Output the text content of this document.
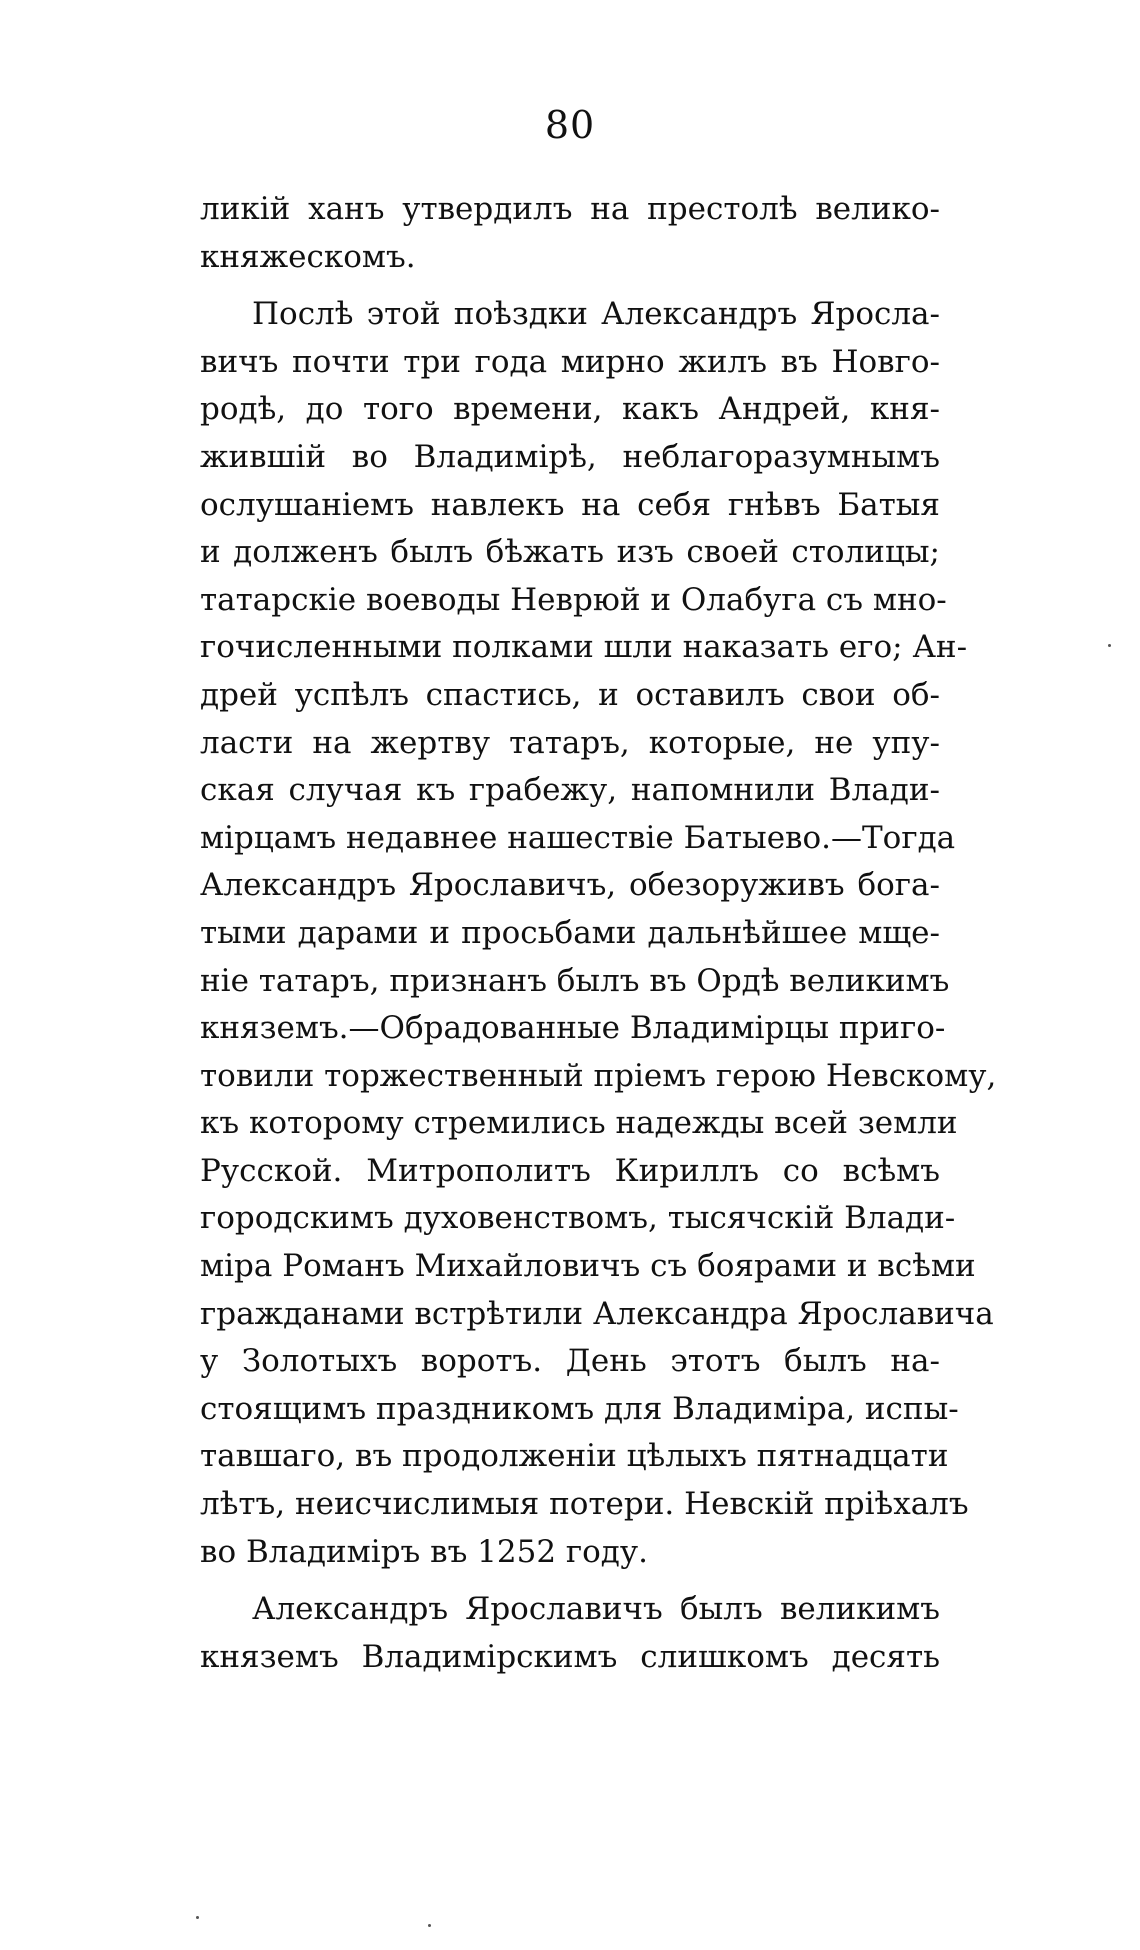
80
ликій ханъ утвердилъ на престолѣ велико-
княжескомъ.
Послѣ этой поѣздки Александръ Яросла-
вичъ почти три года мирно жилъ въ Новго-
родѣ, до того времени, какъ Андрей, кня-
жившій во Владимірѣ, неблагоразумнымъ
ослушаніемъ навлекъ на себя гнѣвъ Батыя
и долженъ былъ бѣжать изъ своей столицы;
татарскіе воеводы Неврюй и Олабуга съ мно-
гочисленными полками шли наказать его; Ан-
дрей успѣлъ спастись, и оставилъ свои об-
ласти на жертву татаръ, которые, не упу-
ская случая къ грабежу, напомнили Влади-
мірцамъ недавнее нашествіе Батыево.—Тогда
Александръ Ярославичъ, обезоруживъ бога-
тыми дарами и просьбами дальнѣйшее мще-
ніе татаръ, признанъ былъ въ Ордѣ великимъ
княземъ.—Обрадованные Владимірцы приго-
товили торжественный пріемъ герою Невскому,
къ которому стремились надежды всей земли
Русской. Митрополитъ Кириллъ со всѣмъ
городскимъ духовенствомъ, тысячскій Влади-
міра Романъ Михайловичъ съ боярами и всѣми
гражданами встрѣтили Александра Ярославича
у Золотыхъ воротъ. День этотъ былъ на-
стоящимъ праздникомъ для Владиміра, испы-
тавшаго, въ продолженіи цѣлыхъ пятнадцати
лѣтъ, неисчислимыя потери. Невскій пріѣхалъ
во Владиміръ въ 1252 году.
Александръ Ярославичъ былъ великимъ
княземъ Владимірскимъ слишкомъ десять
